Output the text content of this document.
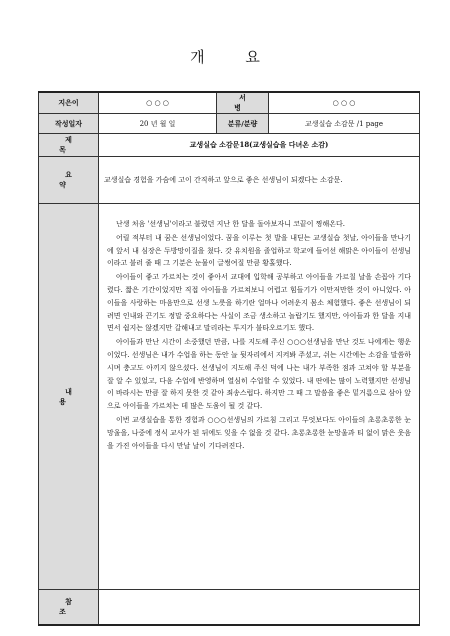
개 요
지은이	○ ○ ○	서 병	○ ○ ○
작성일자	20 년 월 일	분류/분량	교생실습 소감문 /1 page
제 목	교생실습 소감문18(교생실습을 다녀온 소감)		
요 약	교생실습 경험을 가슴에 고이 간직하고 앞으로 좋은 선생님이 되겠다는 소감문.		
내 용	난생 처음 '선생님'이라고 불렸던 지난 한 달을 돌아보자니 코끝이 찡해온다.

어릴 적부터 내 꿈은 선생님이었다. 꿈을 이루는 첫 발을 내딛는 교생실습 첫날, 아이들을 만나기에 앞서 내 심장은 두방망이질을 쳤다. 갓 유치원을 졸업하고 학교에 들어선 해맑은 아이들이 선생님이라고 불러 줄 때 그 기분은 눈물이 글썽여질 만큼 황홀했다.

아이들이 좋고 가르치는 것이 좋아서 교대에 입학해 공부하고 아이들을 가르칠 날을 손꼽아 기다렸다. 짧은 기간이었지만 직접 아이들을 가르쳐보니 어렵고 힘들기가 이만저만한 것이 아니었다. 아이들을 사랑하는 마음만으로 선생 노릇을 하기란 얼마나 어려운지 몸소 체험했다. 좋은 선생님이 되려면 인내와 끈기도 정말 중요하다는 사실이 조금 생소하고 놀랍기도 했지만, 아이들과 한 달을 지내면서 쉽지는 않겠지만 갈해내고 말리라는 투지가 불타오르기도 했다.

아이들과 만난 시간이 소중했던 만큼, 나를 지도해 주신 ○○○선생님을 만난 것도 나에게는 행운이었다. 선생님은 내가 수업을 하는 동안 늘 뒷자리에서 지켜봐 주셨고, 쉬는 시간에는 소감을 말씀하시며 충고도 아끼지 않으셨다. 선생님이 지도해 주신 덕에 나는 내가 부족한 점과 고쳐야 할 부분을 잘 알 수 있었고, 다음 수업에 반영하며 열심히 수업할 수 있었다. 내 딴에는 많이 노력했지만 선생님이 바라시는 만큼 잘 하지 못한 것 같아 죄송스럽다. 하지만 그 때 그 말씀을 좋은 밑거름으로 삼아 앞으로 아이들을 가르치는 데 많은 도움이 될 것 같다.

이번 교생실습을 통한 경험과 ○○○선생님의 가르침 그리고 무엇보다도 아이들의 초롱초롱한 눈망울을, 나중에 정식 교사가 된 뒤에도 잊을 수 없을 것 같다. 초롱초롱한 눈망울과 티 없이 맑은 웃음을 가진 아이들을 다시 만날 날이 기다려진다.		

참 조			
